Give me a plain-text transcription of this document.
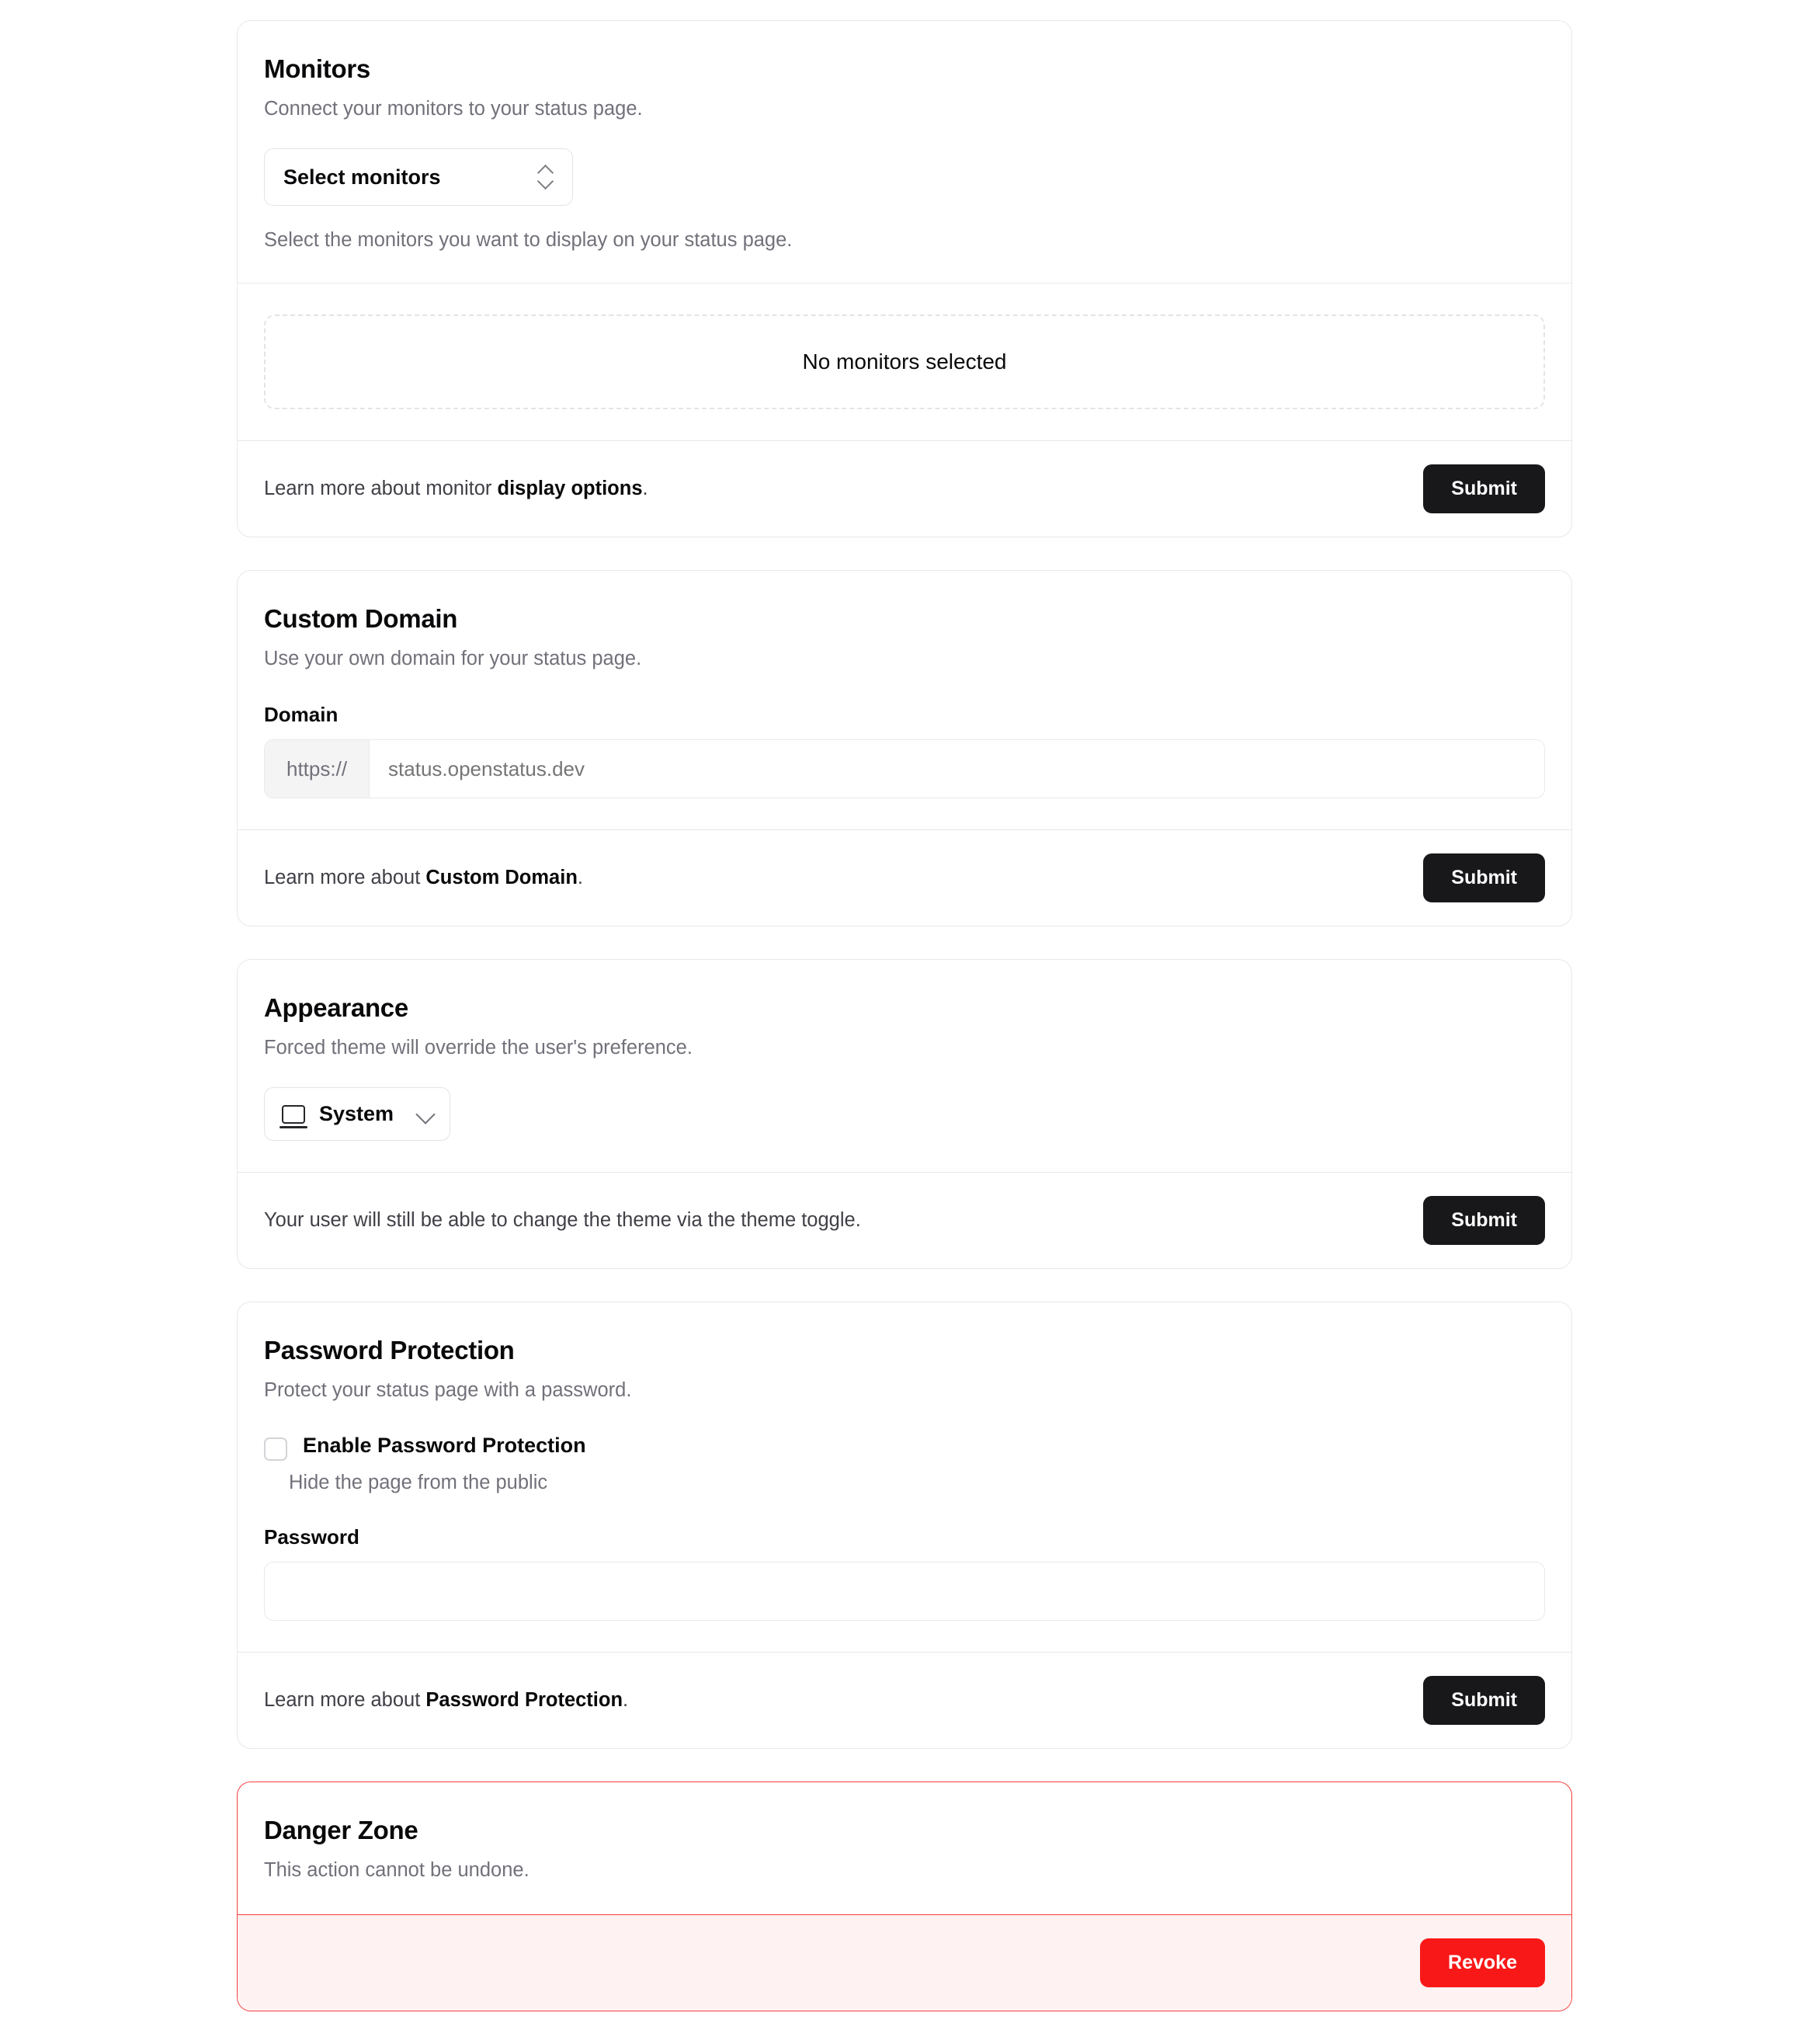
Monitors

Connect your monitors to your status page.

Select monitors
Select the monitors you want to display on your status page.
No monitors selected
Learn more about monitor display options.	Submit
Custom Domain

Use your own domain for your status page.

Domain
https://
status.openstatus.dev
Learn more about Custom Domain.	Submit
Appearance

Forced theme will override the user's preference.

System
Your user will still be able to change the theme via the theme toggle.	Submit
Password Protection

Protect your status page with a password.

Enable Password Protection
Hide the page from the public
Password
Learn more about Password Protection.	Submit
Danger Zone

This action cannot be undone.

Revoke
